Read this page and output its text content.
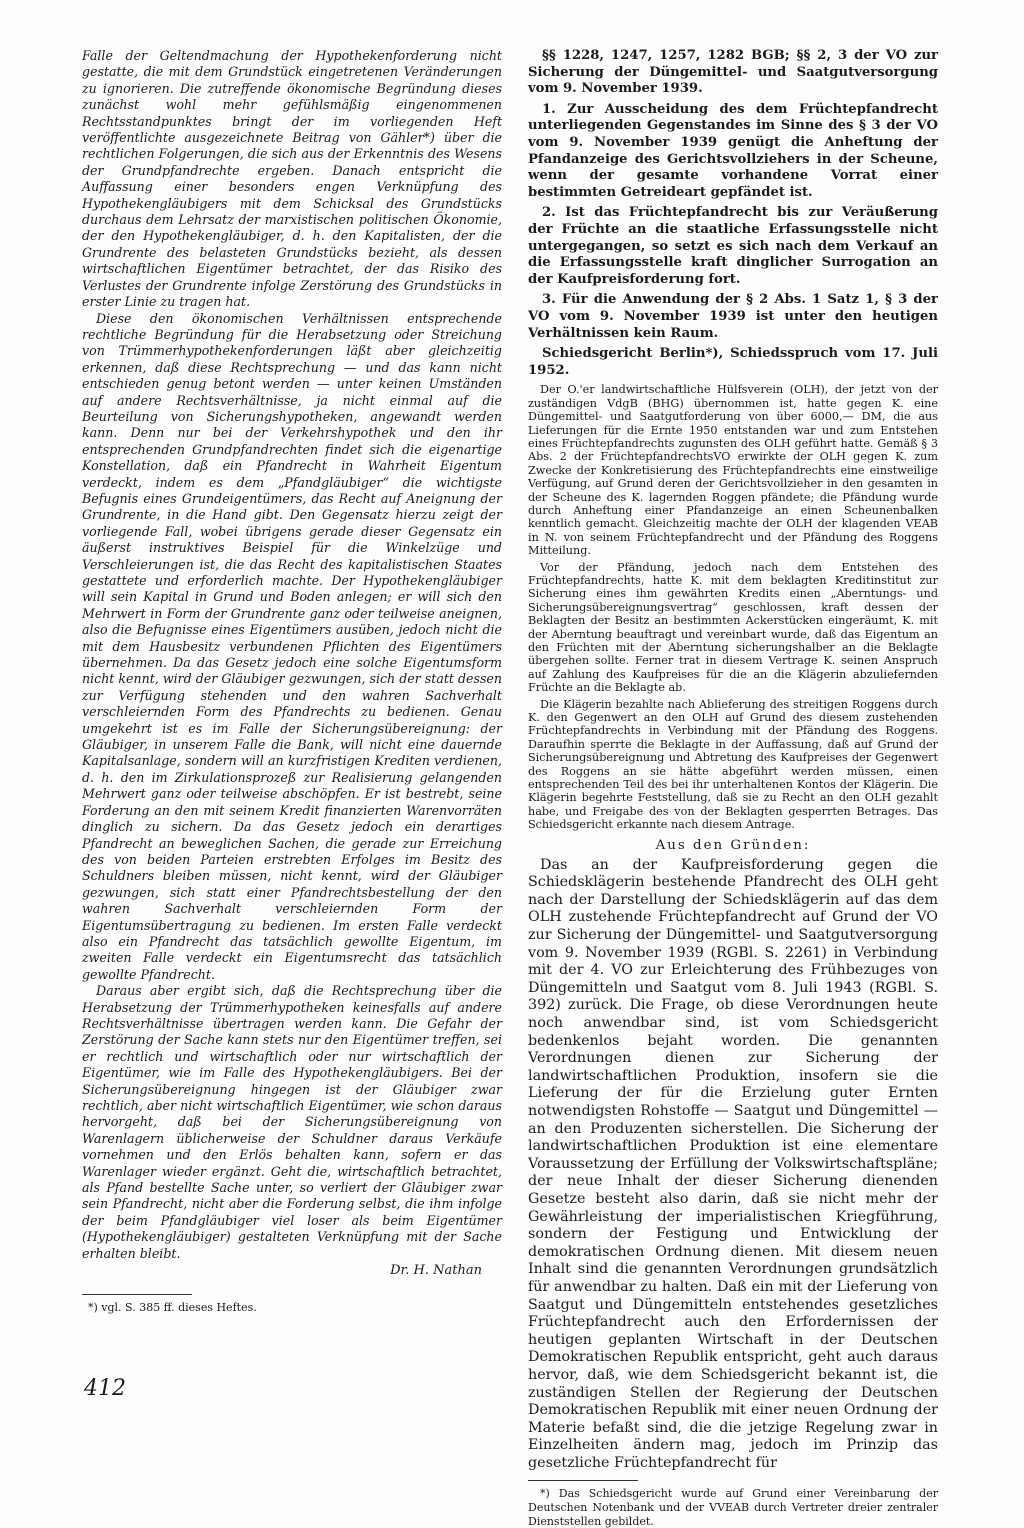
Falle der Geltendmachung der Hypothekenforderung nicht gestatte, die mit dem Grundstück eingetretenen Veränderungen zu ignorieren. Die zutreffende ökonomische Begründung dieses zunächst wohl mehr gefühlsmäßig eingenommenen Rechtsstandpunktes bringt der im vorliegenden Heft veröffentlichte ausgezeichnete Beitrag von Gähler*) über die rechtlichen Folgerungen, die sich aus der Erkenntnis des Wesens der Grundpfandrechte ergeben. Danach entspricht die Auffassung einer besonders engen Verknüpfung des Hypothekengläubigers mit dem Schicksal des Grundstücks durchaus dem Lehrsatz der marxistischen politischen Ökonomie, der den Hypothekengläubiger, d. h. den Kapitalisten, der die Grundrente des belasteten Grundstücks bezieht, als dessen wirtschaftlichen Eigentümer betrachtet, der das Risiko des Verlustes der Grundrente infolge Zerstörung des Grundstücks in erster Linie zu tragen hat.

Diese den ökonomischen Verhältnissen entsprechende rechtliche Begründung für die Herabsetzung oder Streichung von Trümmerhypothekenforderungen läßt aber gleichzeitig erkennen, daß diese Rechtsprechung — und das kann nicht entschieden genug betont werden — unter keinen Umständen auf andere Rechtsverhältnisse, ja nicht einmal auf die Beurteilung von Sicherungshypotheken, angewandt werden kann. Denn nur bei der Verkehrshypothek und den ihr entsprechenden Grundpfandrechten findet sich die eigenartige Konstellation, daß ein Pfandrecht in Wahrheit Eigentum verdeckt, indem es dem „Pfandgläubiger“ die wichtigste Befugnis eines Grundeigentümers, das Recht auf Aneignung der Grundrente, in die Hand gibt. Den Gegensatz hierzu zeigt der vorliegende Fall, wobei übrigens gerade dieser Gegensatz ein äußerst instruktives Beispiel für die Winkelzüge und Verschleierungen ist, die das Recht des kapitalistischen Staates gestattete und erforderlich machte. Der Hypothekengläubiger will sein Kapital in Grund und Boden anlegen; er will sich den Mehrwert in Form der Grundrente ganz oder teilweise aneignen, also die Befugnisse eines Eigentümers ausüben, jedoch nicht die mit dem Hausbesitz verbundenen Pflichten des Eigentümers übernehmen. Da das Gesetz jedoch eine solche Eigentumsform nicht kennt, wird der Gläubiger gezwungen, sich der statt dessen zur Verfügung stehenden und den wahren Sachverhalt verschleiernden Form des Pfandrechts zu bedienen. Genau umgekehrt ist es im Falle der Sicherungsübereignung: der Gläubiger, in unserem Falle die Bank, will nicht eine dauernde Kapitalsanlage, sondern will an kurzfristigen Krediten verdienen, d. h. den im Zirkulationsprozeß zur Realisierung gelangenden Mehrwert ganz oder teilweise abschöpfen. Er ist bestrebt, seine Forderung an den mit seinem Kredit finanzierten Warenvorräten dinglich zu sichern. Da das Gesetz jedoch ein derartiges Pfandrecht an beweglichen Sachen, die gerade zur Erreichung des von beiden Parteien erstrebten Erfolges im Besitz des Schuldners bleiben müssen, nicht kennt, wird der Gläubiger gezwungen, sich statt einer Pfandrechtsbestellung der den wahren Sachverhalt verschleiernden Form der Eigentumsübertragung zu bedienen. Im ersten Falle verdeckt also ein Pfandrecht das tatsächlich gewollte Eigentum, im zweiten Falle verdeckt ein Eigentumsrecht das tatsächlich gewollte Pfandrecht.

Daraus aber ergibt sich, daß die Rechtsprechung über die Herabsetzung der Trümmerhypotheken keinesfalls auf andere Rechtsverhältnisse übertragen werden kann. Die Gefahr der Zerstörung der Sache kann stets nur den Eigentümer treffen, sei er rechtlich und wirtschaftlich oder nur wirtschaftlich der Eigentümer, wie im Falle des Hypothekengläubigers. Bei der Sicherungsübereignung hingegen ist der Gläubiger zwar rechtlich, aber nicht wirtschaftlich Eigentümer, wie schon daraus hervorgeht, daß bei der Sicherungsübereignung von Warenlagern üblicherweise der Schuldner daraus Verkäufe vornehmen und den Erlös behalten kann, sofern er das Warenlager wieder ergänzt. Geht die, wirtschaftlich betrachtet, als Pfand bestellte Sache unter, so verliert der Gläubiger zwar sein Pfandrecht, nicht aber die Forderung selbst, die ihm infolge der beim Pfandgläubiger viel loser als beim Eigentümer (Hypothekengläubiger) gestalteten Verknüpfung mit der Sache erhalten bleibt.

Dr. H. Nathan

*) vgl. S. 385 ff. dieses Heftes.

§§ 1228, 1247, 1257, 1282 BGB; §§ 2, 3 der VO zur Sicherung der Düngemittel- und Saatgutversorgung vom 9. November 1939.

1. Zur Ausscheidung des dem Früchtepfandrecht unterliegenden Gegenstandes im Sinne des § 3 der VO vom 9. November 1939 genügt die Anheftung der Pfandanzeige des Gerichtsvollziehers in der Scheune, wenn der gesamte vorhandene Vorrat einer bestimmten Getreideart gepfändet ist.

2. Ist das Früchtepfandrecht bis zur Veräußerung der Früchte an die staatliche Erfassungsstelle nicht untergegangen, so setzt es sich nach dem Verkauf an die Erfassungsstelle kraft dinglicher Surrogation an der Kaufpreisforderung fort.

3. Für die Anwendung der § 2 Abs. 1 Satz 1, § 3 der VO vom 9. November 1939 ist unter den heutigen Verhältnissen kein Raum.

Schiedsgericht Berlin*), Schiedsspruch vom 17. Juli 1952.

Der O.'er landwirtschaftliche Hülfsverein (OLH), der jetzt von der zuständigen VdgB (BHG) übernommen ist, hatte gegen K. eine Düngemittel- und Saatgutforderung von über 6000,— DM, die aus Lieferungen für die Ernte 1950 entstanden war und zum Entstehen eines Früchtepfandrechts zugunsten des OLH geführt hatte. Gemäß § 3 Abs. 2 der FrüchtepfandrechtsVO erwirkte der OLH gegen K. zum Zwecke der Konkretisierung des Früchtepfandrechts eine einstweilige Verfügung, auf Grund deren der Gerichtsvollzieher in den gesamten in der Scheune des K. lagernden Roggen pfändete; die Pfändung wurde durch Anheftung einer Pfandanzeige an einen Scheunenbalken kenntlich gemacht. Gleichzeitig machte der OLH der klagenden VEAB in N. von seinem Früchtepfandrecht und der Pfändung des Roggens Mitteilung.

Vor der Pfändung, jedoch nach dem Entstehen des Früchtepfandrechts, hatte K. mit dem beklagten Kreditinstitut zur Sicherung eines ihm gewährten Kredits einen „Aberntungs- und Sicherungsübereignungsvertrag“ geschlossen, kraft dessen der Beklagten der Besitz an bestimmten Ackerstücken eingeräumt, K. mit der Aberntung beauftragt und vereinbart wurde, daß das Eigentum an den Früchten mit der Aberntung sicherungshalber an die Beklagte übergehen sollte. Ferner trat in diesem Vertrage K. seinen Anspruch auf Zahlung des Kaufpreises für die an die Klägerin abzuliefernden Früchte an die Beklagte ab.

Die Klägerin bezahlte nach Ablieferung des streitigen Roggens durch K. den Gegenwert an den OLH auf Grund des diesem zustehenden Früchtepfandrechts in Verbindung mit der Pfändung des Roggens. Daraufhin sperrte die Beklagte in der Auffassung, daß auf Grund der Sicherungsübereignung und Abtretung des Kaufpreises der Gegenwert des Roggens an sie hätte abgeführt werden müssen, einen entsprechenden Teil des bei ihr unterhaltenen Kontos der Klägerin. Die Klägerin begehrte Feststellung, daß sie zu Recht an den OLH gezahlt habe, und Freigabe des von der Beklagten gesperrten Betrages. Das Schiedsgericht erkannte nach diesem Antrage.

Aus den Gründen:

Das an der Kaufpreisforderung gegen die Schiedsklägerin bestehende Pfandrecht des OLH geht nach der Darstellung der Schiedsklägerin auf das dem OLH zustehende Früchtepfandrecht auf Grund der VO zur Sicherung der Düngemittel- und Saatgutversorgung vom 9. November 1939 (RGBl. S. 2261) in Verbindung mit der 4. VO zur Erleichterung des Frühbezuges von Düngemitteln und Saatgut vom 8. Juli 1943 (RGBl. S. 392) zurück. Die Frage, ob diese Verordnungen heute noch anwendbar sind, ist vom Schiedsgericht bedenkenlos bejaht worden. Die genannten Verordnungen dienen zur Sicherung der landwirtschaftlichen Produktion, insofern sie die Lieferung der für die Erzielung guter Ernten notwendigsten Rohstoffe — Saatgut und Düngemittel — an den Produzenten sicherstellen. Die Sicherung der landwirtschaftlichen Produktion ist eine elementare Voraussetzung der Erfüllung der Volkswirtschaftspläne; der neue Inhalt der dieser Sicherung dienenden Gesetze besteht also darin, daß sie nicht mehr der Gewährleistung der imperialistischen Kriegführung, sondern der Festigung und Entwicklung der demokratischen Ordnung dienen. Mit diesem neuen Inhalt sind die genannten Verordnungen grundsätzlich für anwendbar zu halten. Daß ein mit der Lieferung von Saatgut und Düngemitteln entstehendes gesetzliches Früchtepfandrecht auch den Erfordernissen der heutigen geplanten Wirtschaft in der Deutschen Demokratischen Republik entspricht, geht auch daraus hervor, daß, wie dem Schiedsgericht bekannt ist, die zuständigen Stellen der Regierung der Deutschen Demokratischen Republik mit einer neuen Ordnung der Materie befaßt sind, die die jetzige Regelung zwar in Einzelheiten ändern mag, jedoch im Prinzip das gesetzliche Früchtepfandrecht für

*) Das Schiedsgericht wurde auf Grund einer Vereinbarung der Deutschen Notenbank und der VVEAB durch Vertreter dreier zentraler Dienststellen gebildet.

412
